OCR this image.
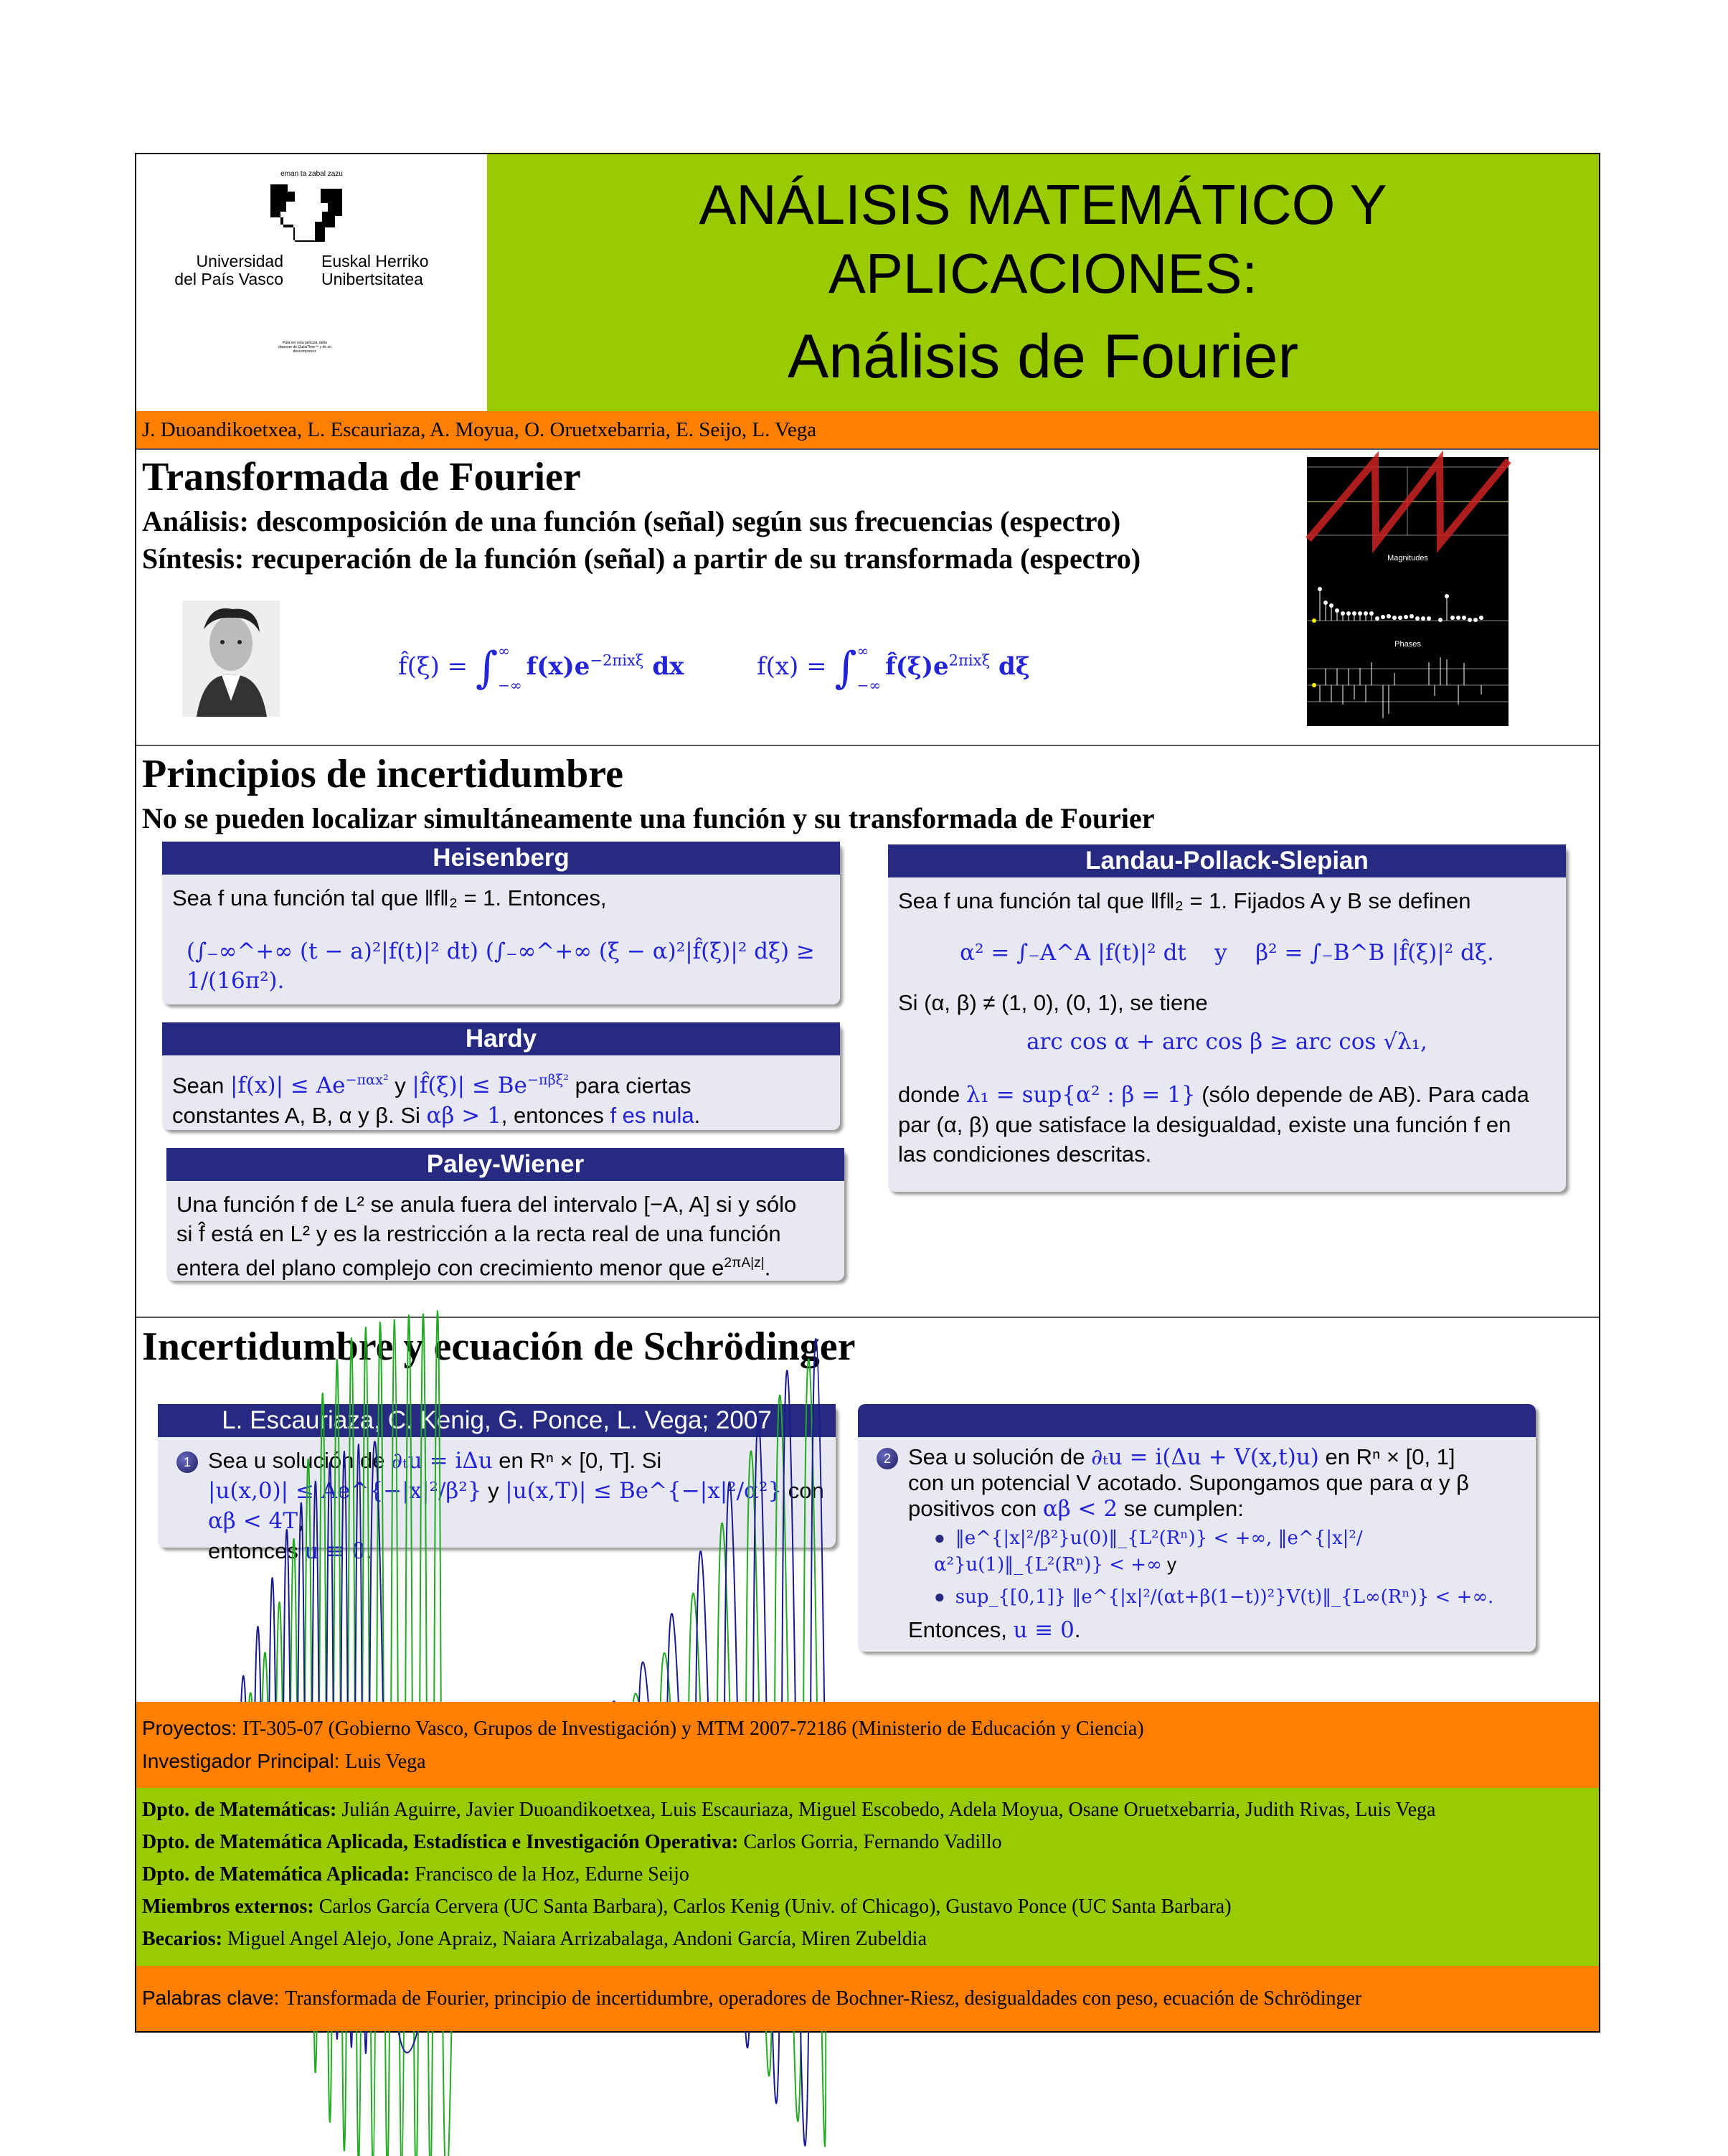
eman ta zabal zazu
Universidad
del País Vasco
Euskal Herriko
Unibertsitatea
Para ver esta película, debe disponer de QuickTime™ y de un descompresor.
ANÁLISIS MATEMÁTICO Y
APLICACIONES:
Análisis de Fourier
J. Duoandikoetxea, L. Escauriaza, A. Moyua, O. Oruetxebarria, E. Seijo, L. Vega
Transformada de Fourier
Análisis: descomposición de una función (señal) según sus frecuencias (espectro)
Síntesis: recuperación de la función (señal) a partir de su transformada (espectro)
f̂(ξ) = ∫ ∞
−∞
$f(x)e^{-2\pi ix\xi}$ dx	f(x) = ∫ ∞
−∞
$f̂(\xi)e^{2\pi ix\xi}$ dξ
Magnitudes
Phases
Principios de incertidumbre
No se pueden localizar simultáneamente una función y su transformada de Fourier
Heisenberg
Sea f una función tal que ‖f‖₂ = 1. Entonces,
(∫₋∞^+∞ (t − a)²|f(t)|² dt) (∫₋∞^+∞ (ξ − α)²|f̂(ξ)|² dξ) ≥ 1/(16π²).
Hardy
Sean $|f(x)| \le Ae^{-\pi\alpha x^2}$ y |f̂(ξ)| ≤ $Be^{-\pi\beta\xi^2}$ para ciertas
constantes A, B, α y β. Si αβ > 1, entonces f es nula.
Paley-Wiener
Una función f de L² se anula fuera del intervalo [−A, A] si y sólo
si f̂ está en L² y es la restricción a la recta real de una función
entera del plano complejo con crecimiento menor que $e^{2\pi A|z|}$.
Landau-Pollack-Slepian
Sea f una función tal que ‖f‖₂ = 1. Fijados A y B se definen
α² = ∫₋A^A |f(t)|² dt    y    β² = ∫₋B^B |f̂(ξ)|² dξ.
Si (α, β) ≠ (1, 0), (0, 1), se tiene
arc cos α + arc cos β ≥ arc cos √λ₁,
donde λ₁ = sup{α² : β = 1} (sólo depende de AB). Para cada
par (α, β) que satisface la desigualdad, existe una función f en
las condiciones descritas.
Incertidumbre y ecuación de Schrödinger
L. Escauriaza, C. Kenig, G. Ponce, L. Vega; 2007
1 Sea u solución de ∂ₜu = iΔu en Rⁿ × [0, T]. Si
|u(x,0)| ≤ Ae^{−|x|²/β²} y |u(x,T)| ≤ Be^{−|x|²/α²} con αβ < 4T,
entonces u ≡ 0.
2 Sea u solución de ∂ₜu = i(Δu + V(x,t)u) en Rⁿ × [0, 1]
con un potencial V acotado. Supongamos que para α y β
positivos con αβ < 2 se cumplen:
● ‖e^{|x|²/β²}u(0)‖_{L²(Rⁿ)} < +∞, ‖e^{|x|²/α²}u(1)‖_{L²(Rⁿ)} < +∞ y
● sup_{[0,1]} ‖e^{|x|²/(αt+β(1−t))²}V(t)‖_{L∞(Rⁿ)} < +∞.
Entonces, u ≡ 0.
Proyectos: IT-305-07 (Gobierno Vasco, Grupos de Investigación) y MTM 2007-72186 (Ministerio de Educación y Ciencia)
Investigador Principal: Luis Vega
Dpto. de Matemáticas: Julián Aguirre, Javier Duoandikoetxea, Luis Escauriaza, Miguel Escobedo, Adela Moyua, Osane Oruetxebarria, Judith Rivas, Luis Vega
Dpto. de Matemática Aplicada, Estadística e Investigación Operativa: Carlos Gorria, Fernando Vadillo
Dpto. de Matemática Aplicada: Francisco de la Hoz, Edurne Seijo
Miembros externos: Carlos García Cervera (UC Santa Barbara), Carlos Kenig (Univ. of Chicago), Gustavo Ponce (UC Santa Barbara)
Becarios: Miguel Angel Alejo, Jone Apraiz, Naiara Arrizabalaga, Andoni García, Miren Zubeldia
Palabras clave: Transformada de Fourier, principio de incertidumbre, operadores de Bochner-Riesz, desigualdades con peso, ecuación de Schrödinger
